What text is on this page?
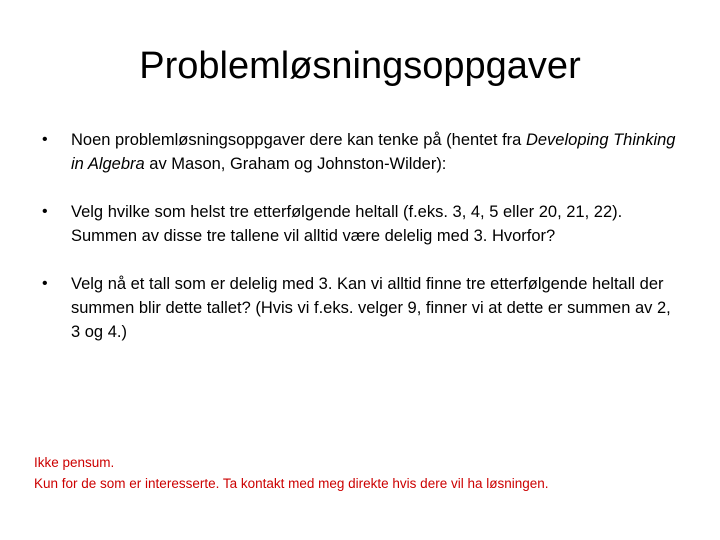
Problemløsningsoppgaver
• Noen problemløsningsoppgaver dere kan tenke på (hentet fra Developing Thinking in Algebra av Mason, Graham og Johnston-Wilder):
• Velg hvilke som helst tre etterfølgende heltall (f.eks. 3, 4, 5 eller 20, 21, 22). Summen av disse tre tallene vil alltid være delelig med 3. Hvorfor?
• Velg nå et tall som er delelig med 3. Kan vi alltid finne tre etterfølgende heltall der summen blir dette tallet? (Hvis vi f.eks. velger 9, finner vi at dette er summen av 2, 3 og 4.)
Ikke pensum.
Kun for de som er interesserte. Ta kontakt med meg direkte hvis dere vil ha løsningen.
